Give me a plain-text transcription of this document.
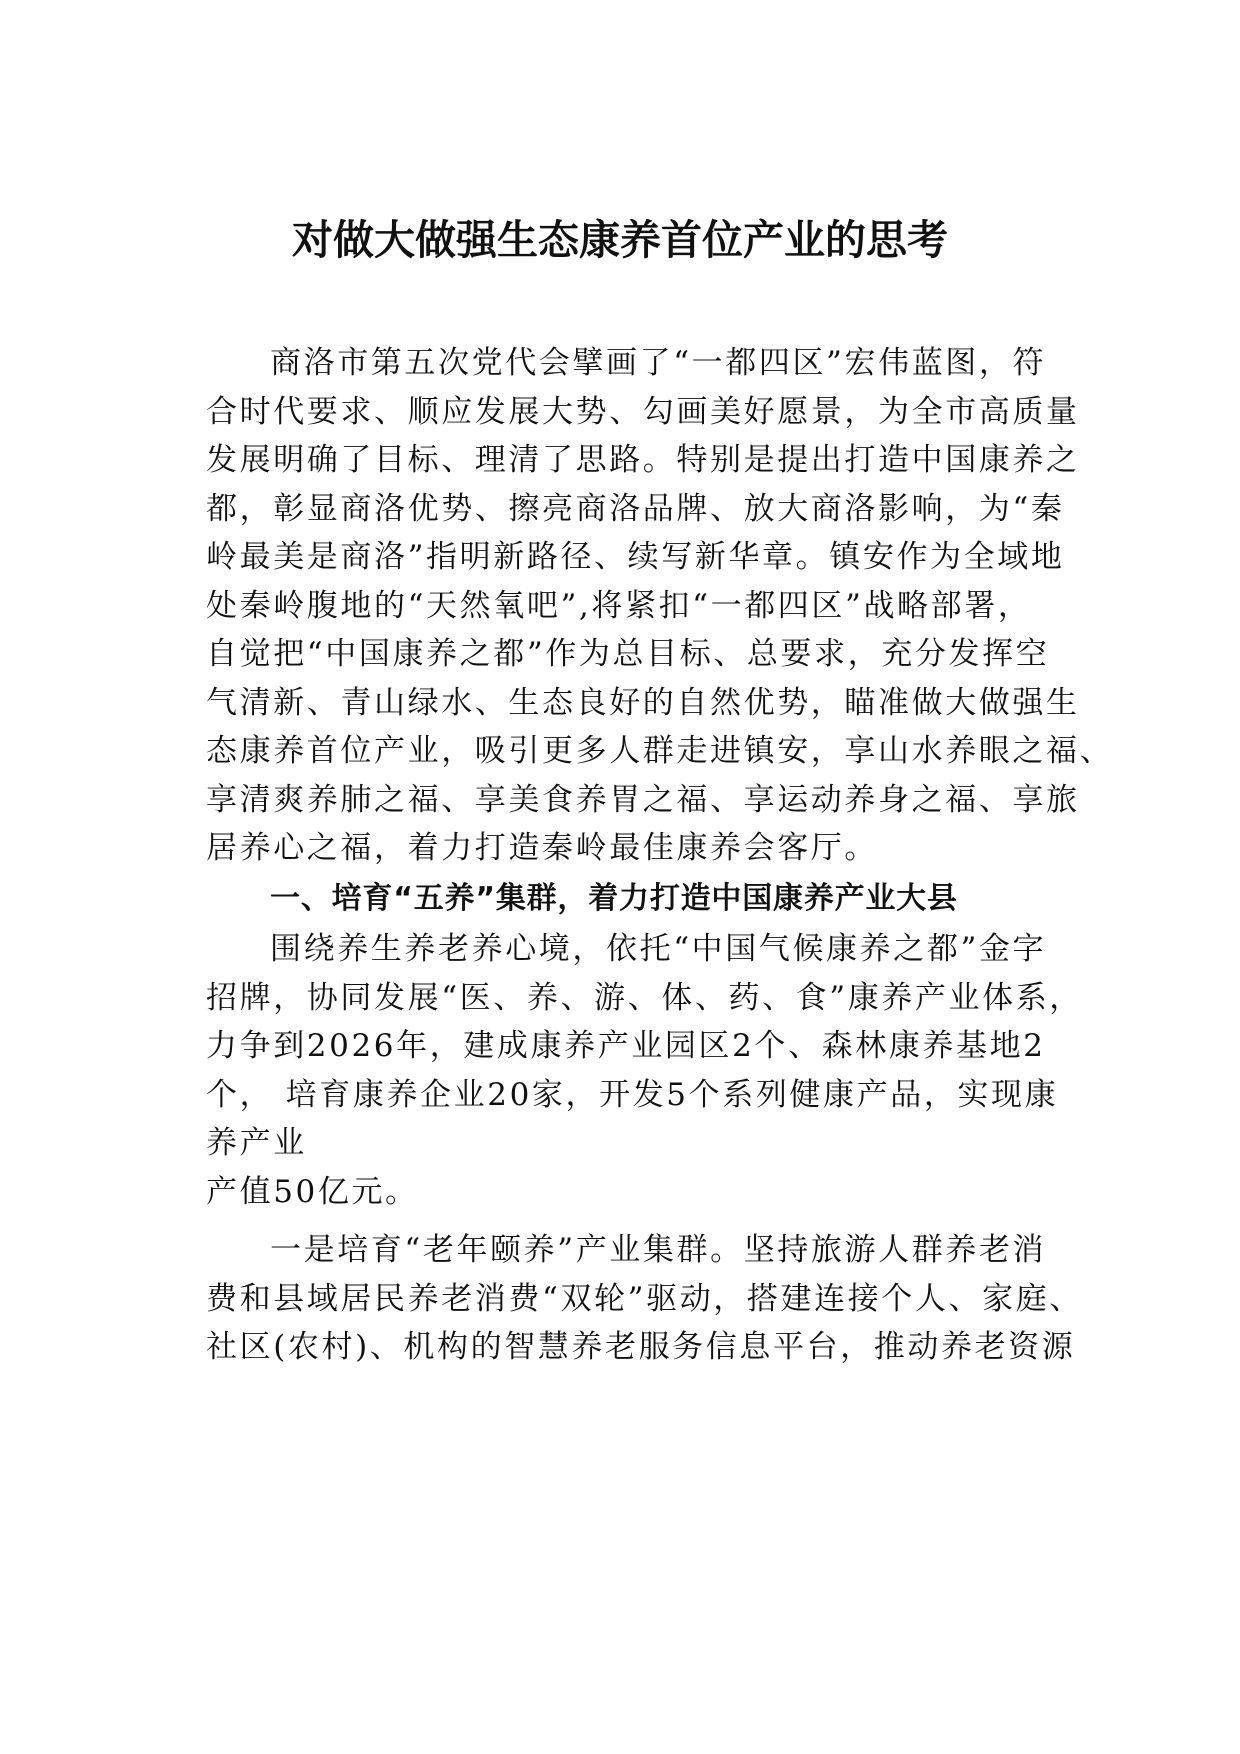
对做大做强生态康养首位产业的思考
商洛市第五次党代会擘画了“一都四区”宏伟蓝图，符
合时代要求、顺应发展大势、勾画美好愿景，为全市高质量
发展明确了目标、理清了思路。特别是提出打造中国康养之
都，彰显商洛优势、擦亮商洛品牌、放大商洛影响，为“秦
岭最美是商洛”指明新路径、续写新华章。镇安作为全域地
处秦岭腹地的“天然氧吧”,将紧扣“一都四区”战略部署，
自觉把“中国康养之都”作为总目标、总要求，充分发挥空
气清新、青山绿水、生态良好的自然优势，瞄准做大做强生
态康养首位产业，吸引更多人群走进镇安，享山水养眼之福、
享清爽养肺之福、享美食养胃之福、享运动养身之福、享旅
居养心之福，着力打造秦岭最佳康养会客厅。
一、培育“五养”集群，着力打造中国康养产业大县
围绕养生养老养心境，依托“中国气候康养之都”金字
招牌，协同发展“医、养、游、体、药、食”康养产业体系，
力争到2026年，建成康养产业园区2个、森林康养基地2
个， 培育康养企业20家，开发5个系列健康产品，实现康
养产业
产值50亿元。
一是培育“老年颐养”产业集群。坚持旅游人群养老消
费和县域居民养老消费“双轮”驱动，搭建连接个人、家庭、
社区(农村)、机构的智慧养老服务信息平台，推动养老资源
